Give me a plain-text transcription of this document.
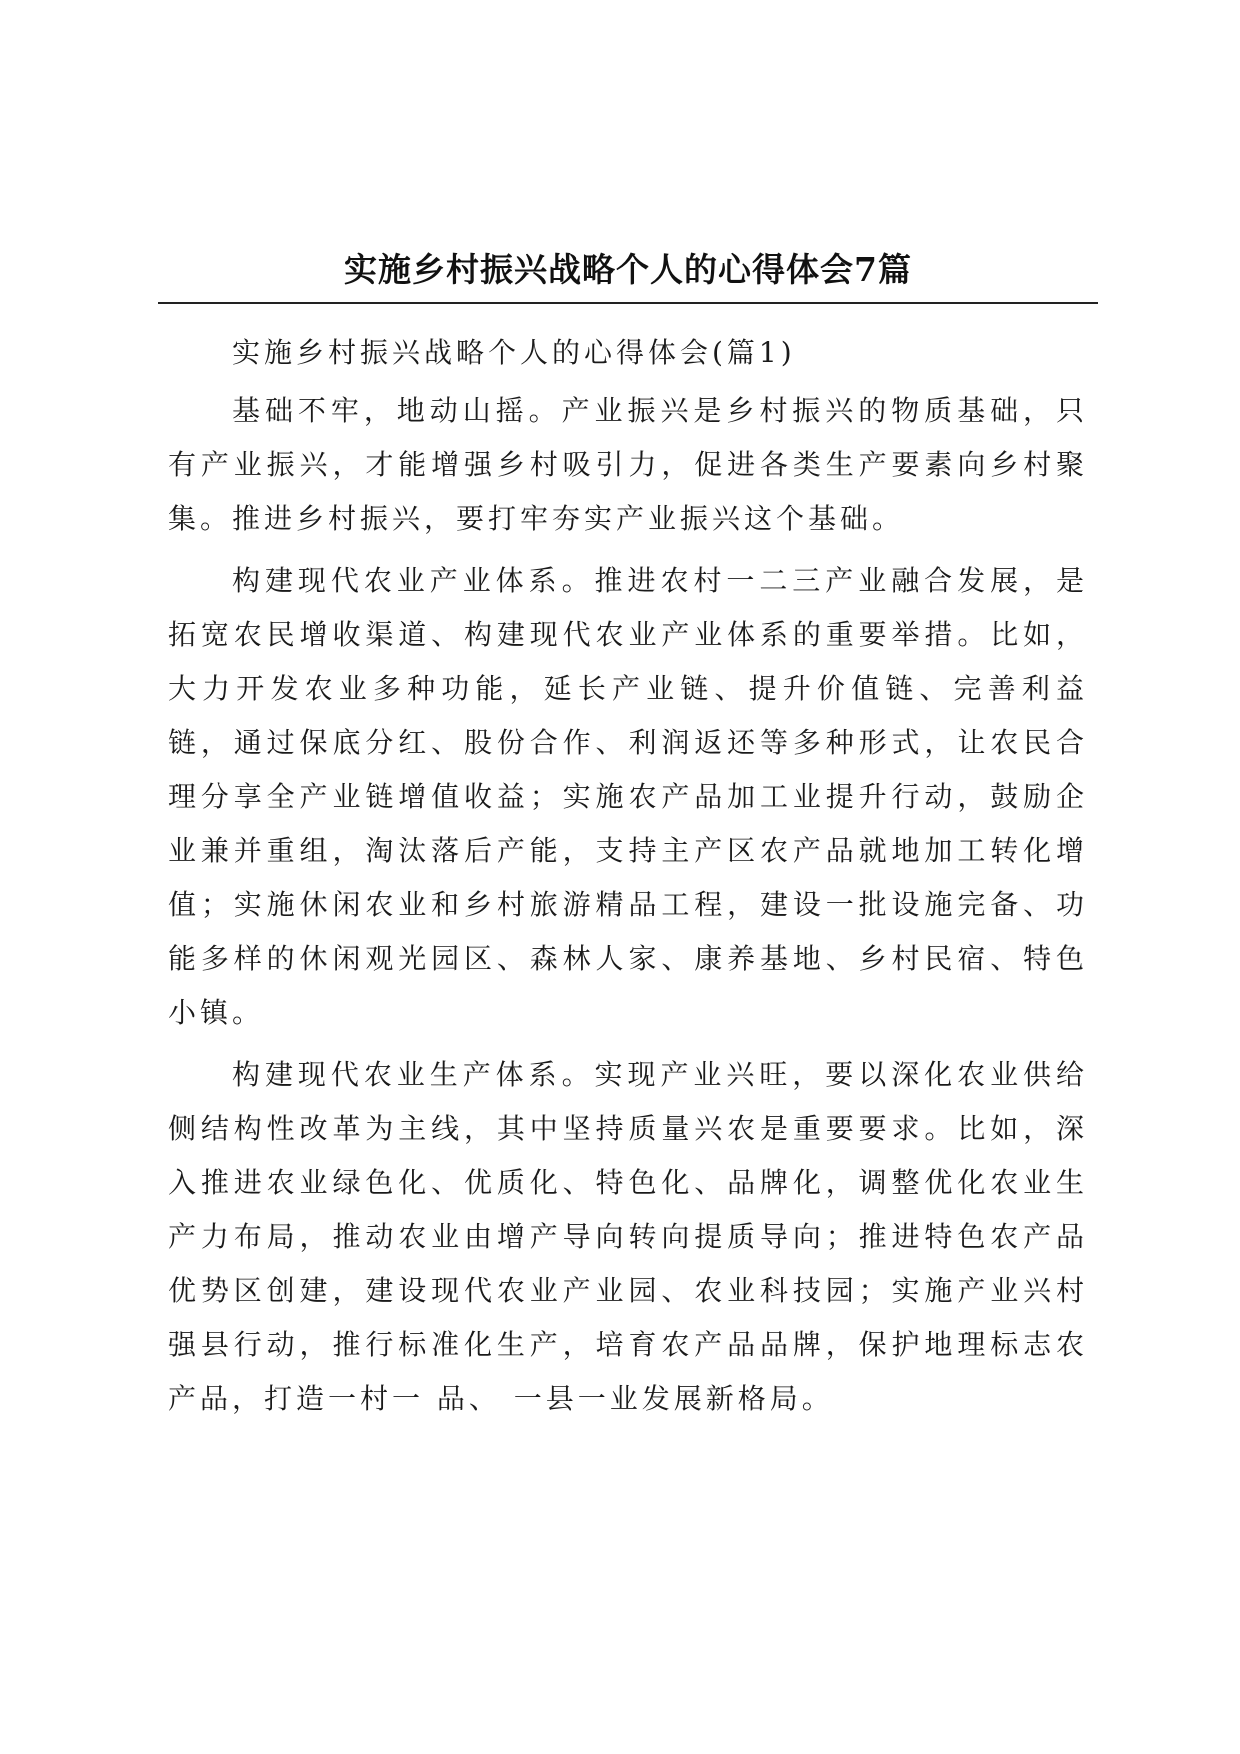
实施乡村振兴战略个人的心得体会7篇

实施乡村振兴战略个人的心得体会(篇1)

基础不牢，地动山摇。产业振兴是乡村振兴的物质基础，只有产业振兴，才能增强乡村吸引力，促进各类生产要素向乡村聚集。推进乡村振兴，要打牢夯实产业振兴这个基础。

构建现代农业产业体系。推进农村一二三产业融合发展，是拓宽农民增收渠道、构建现代农业产业体系的重要举措。比如，大力开发农业多种功能，延长产业链、提升价值链、完善利益链，通过保底分红、股份合作、利润返还等多种形式，让农民合理分享全产业链增值收益；实施农产品加工业提升行动，鼓励企业兼并重组，淘汰落后产能，支持主产区农产品就地加工转化增值；实施休闲农业和乡村旅游精品工程，建设一批设施完备、功能多样的休闲观光园区、森林人家、康养基地、乡村民宿、特色小镇。

构建现代农业生产体系。实现产业兴旺，要以深化农业供给侧结构性改革为主线，其中坚持质量兴农是重要要求。比如，深入推进农业绿色化、优质化、特色化、品牌化，调整优化农业生产力布局，推动农业由增产导向转向提质导向；推进特色农产品优势区创建，建设现代农业产业园、农业科技园；实施产业兴村强县行动，推行标准化生产，培育农产品品牌，保护地理标志农产品，打造一村一 品、 一县一业发展新格局。
